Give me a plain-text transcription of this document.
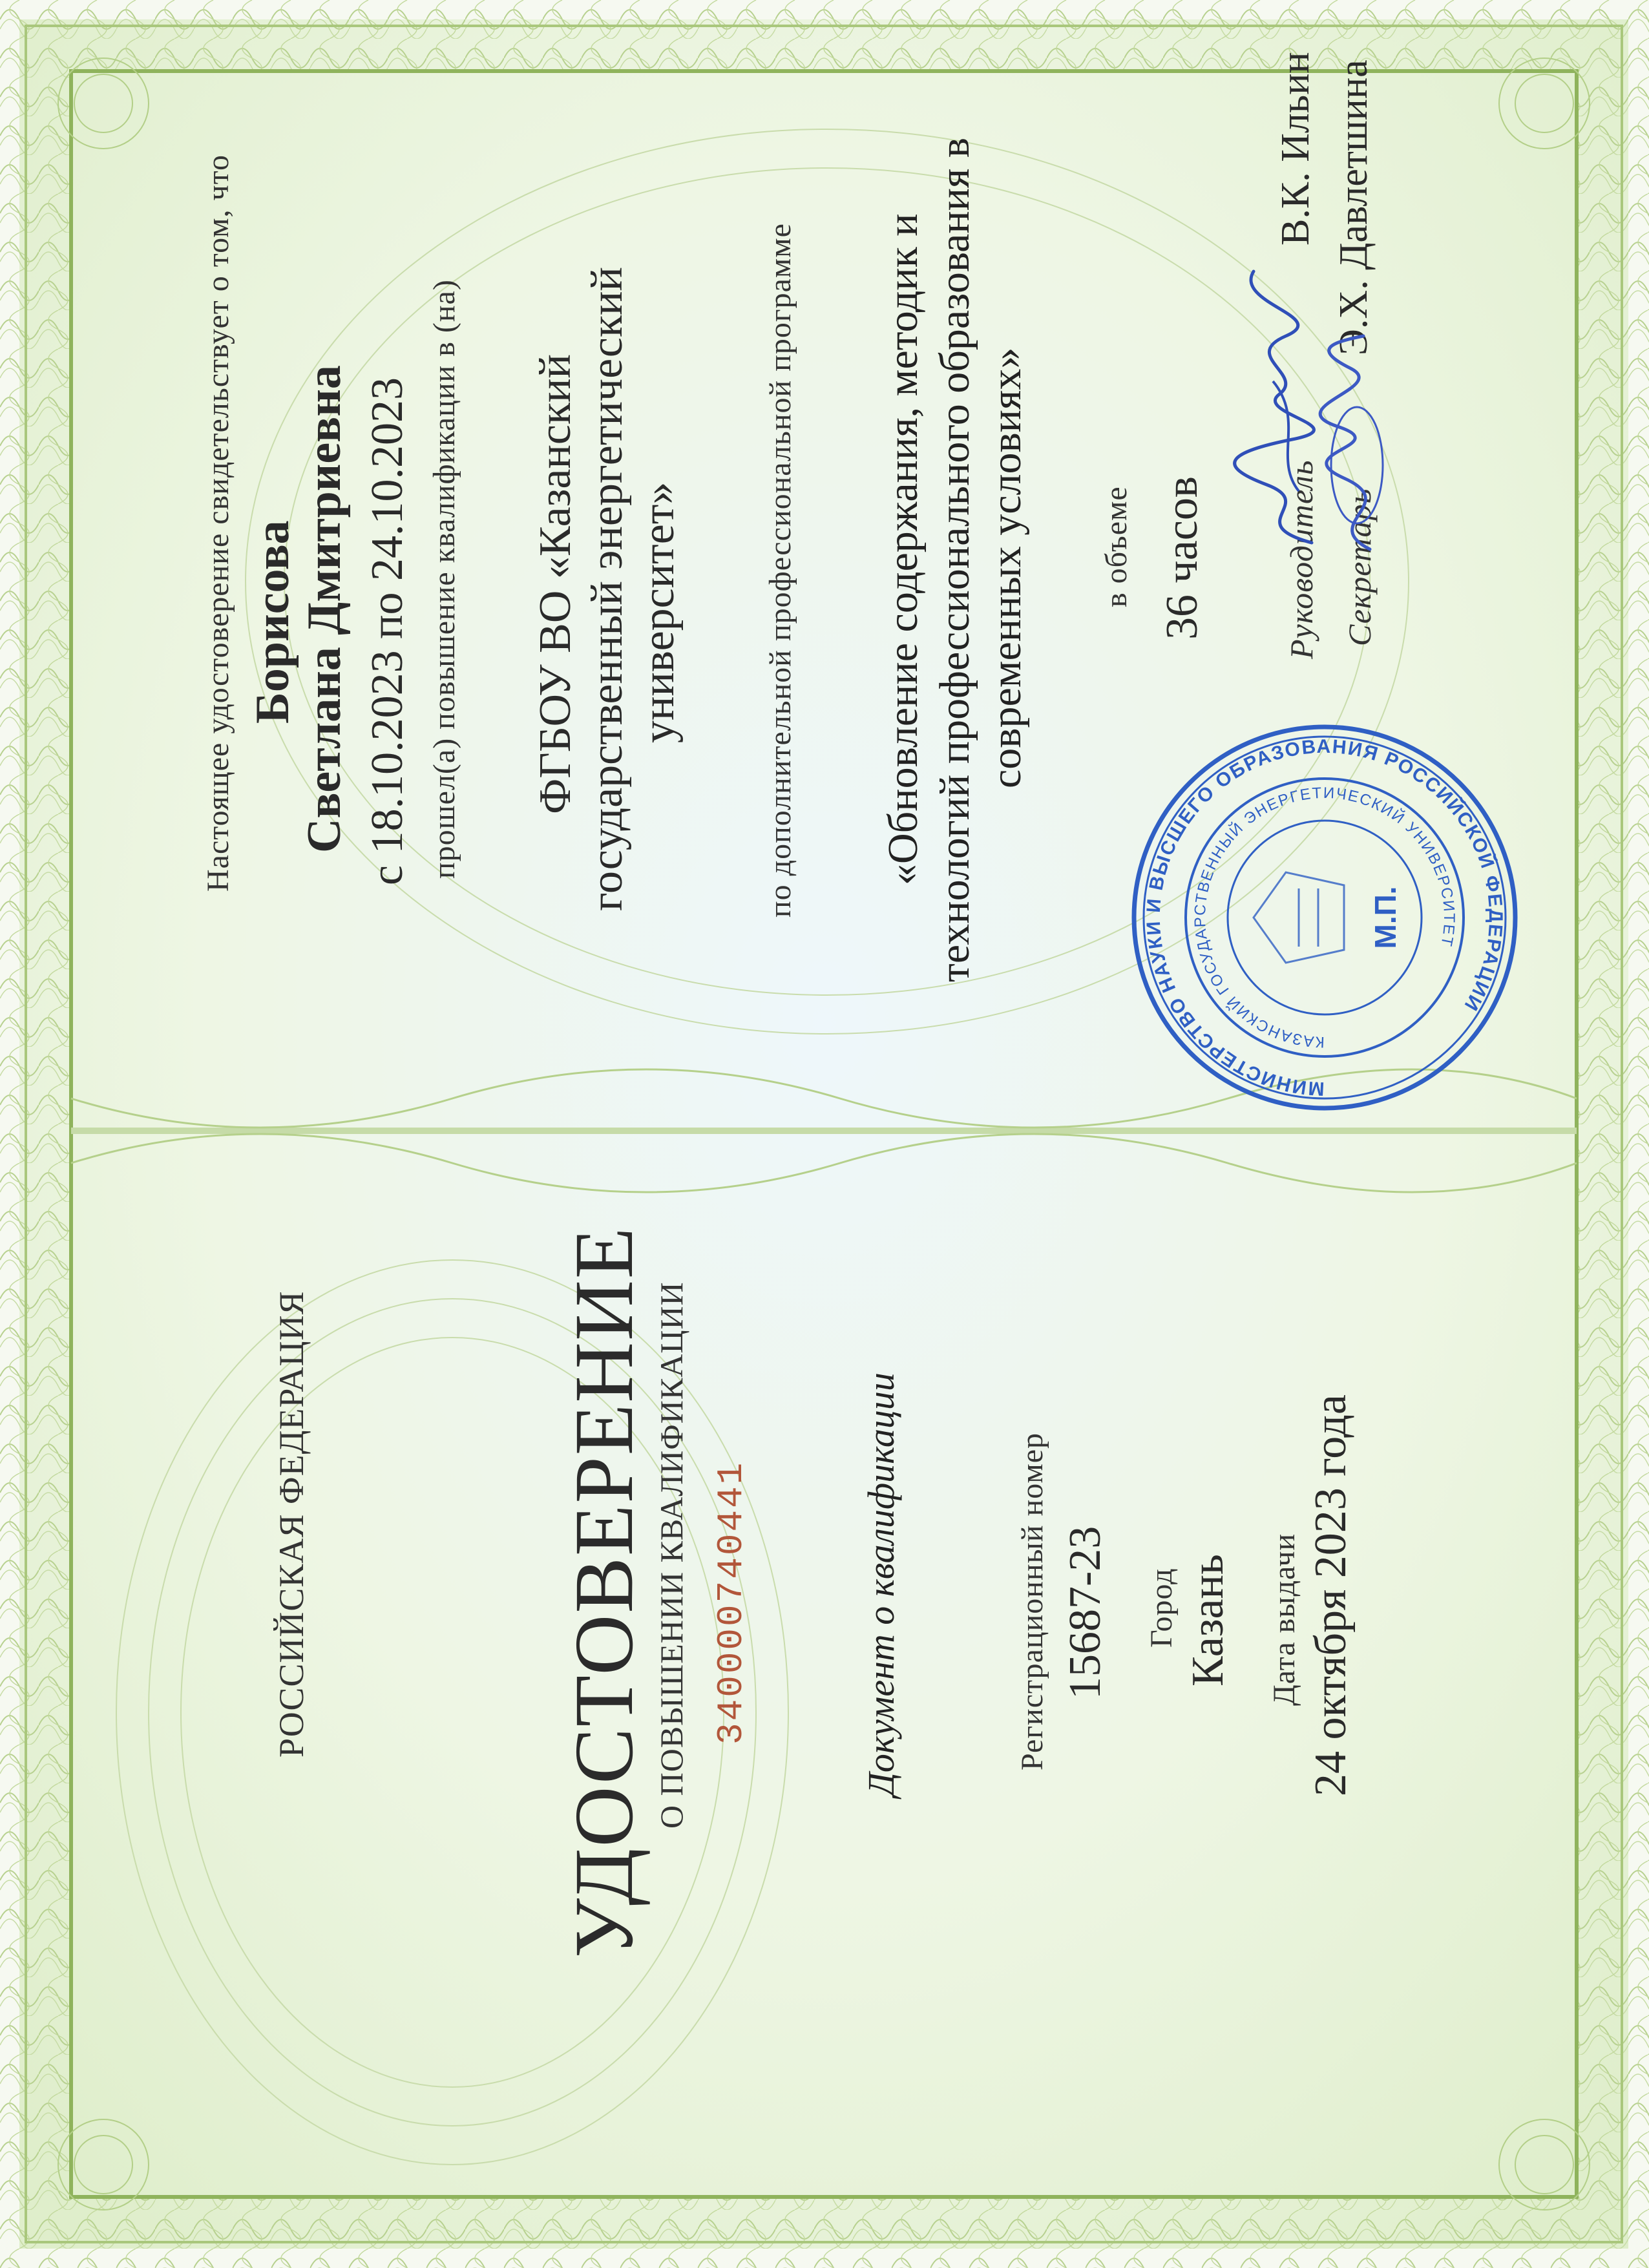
РОССИЙСКАЯ ФЕДЕРАЦИЯ	УДОСТОВЕРЕНИЕ О ПОВЫШЕНИИ КВАЛИФИКАЦИИ 340000740441	Документ о квалификации	Регистрационный номер 15687-23 Город Казань Дата выдачи 24 октября 2023 года
Настоящее удостоверение свидетельствует о том, что Борисова
Светлана Дмитриевна с 18.10.2023 по 24.10.2023 прошел(а) повышение квалификации в (на) ФГБОУ ВО «Казанский государственный энергетический университет»	по дополнительной профессиональной программе «Обновление содержания, методик и технологий профессионального образования в современных условиях» в объеме 36 часов Руководитель
В.К. Ильин
Секретарь
Э.Х. Давлетшина
МИНИСТЕРСТВО НАУКИ И ВЫСШЕГО ОБРАЗОВАНИЯ РОССИЙСКОЙ ФЕДЕРАЦИИ
КАЗАНСКИЙ ГОСУДАРСТВЕННЫЙ ЭНЕРГЕТИЧЕСКИЙ УНИВЕРСИТЕТ
М.П.
